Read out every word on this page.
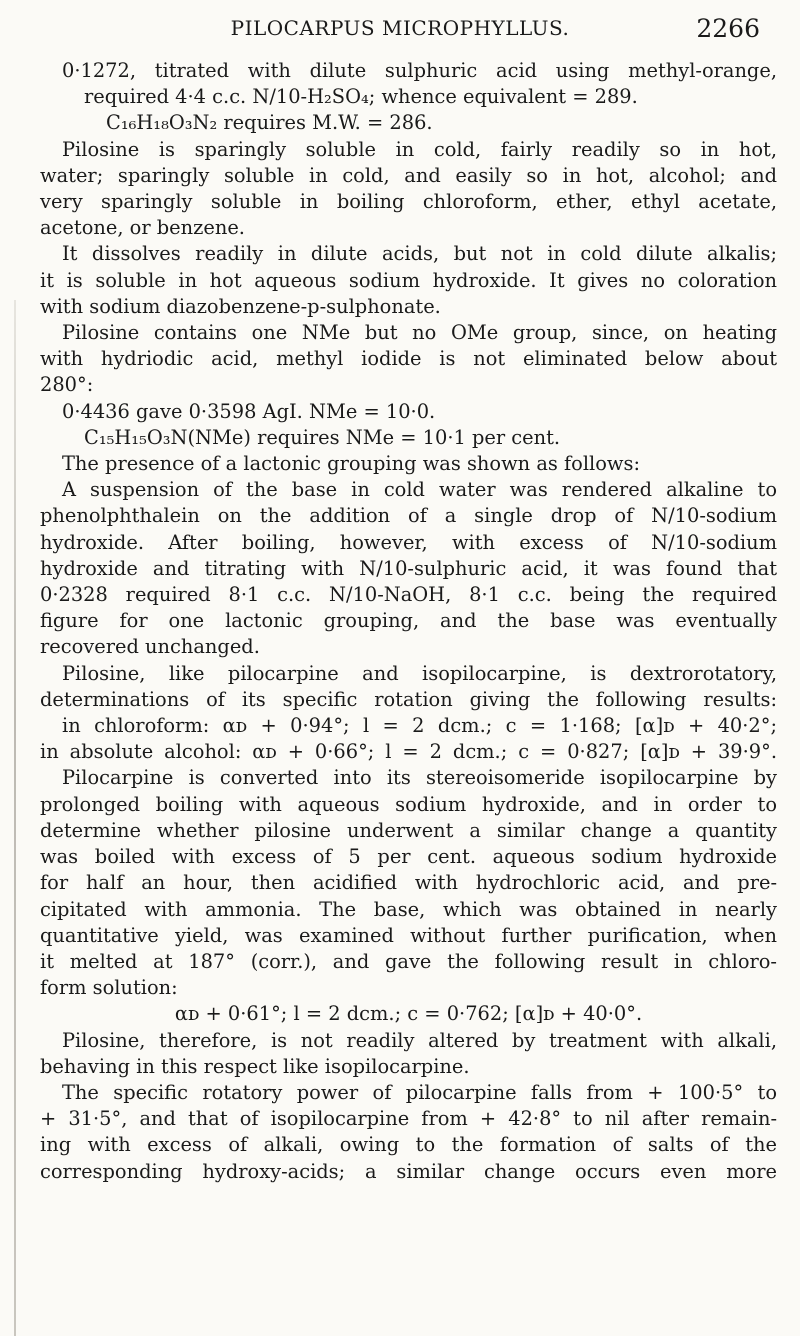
PILOCARPUS MICROPHYLLUS.	2266
0·1272, titrated with dilute sulphuric acid using methyl-orange,
required 4·4 c.c. N/10-H₂SO₄; whence equivalent = 289.
C₁₆H₁₈O₃N₂ requires M.W. = 286.
Pilosine is sparingly soluble in cold, fairly readily so in hot,
water; sparingly soluble in cold, and easily so in hot, alcohol; and
very sparingly soluble in boiling chloroform, ether, ethyl acetate,
acetone, or benzene.
It dissolves readily in dilute acids, but not in cold dilute alkalis;
it is soluble in hot aqueous sodium hydroxide. It gives no coloration
with sodium diazobenzene-p-sulphonate.
Pilosine contains one NMe but no OMe group, since, on heating
with hydriodic acid, methyl iodide is not eliminated below about
280°:
0·4436 gave 0·3598 AgI. NMe = 10·0.
C₁₅H₁₅O₃N(NMe) requires NMe = 10·1 per cent.
The presence of a lactonic grouping was shown as follows:
A suspension of the base in cold water was rendered alkaline to
phenolphthalein on the addition of a single drop of N/10-sodium
hydroxide. After boiling, however, with excess of N/10-sodium
hydroxide and titrating with N/10-sulphuric acid, it was found that
0·2328 required 8·1 c.c. N/10-NaOH, 8·1 c.c. being the required
figure for one lactonic grouping, and the base was eventually
recovered unchanged.
Pilosine, like pilocarpine and isopilocarpine, is dextrorotatory,
determinations of its specific rotation giving the following results:
in chloroform: αᴅ + 0·94°; l = 2 dcm.; c = 1·168; [α]ᴅ + 40·2°;
in absolute alcohol: αᴅ + 0·66°; l = 2 dcm.; c = 0·827; [α]ᴅ + 39·9°.
Pilocarpine is converted into its stereoisomeride isopilocarpine by
prolonged boiling with aqueous sodium hydroxide, and in order to
determine whether pilosine underwent a similar change a quantity
was boiled with excess of 5 per cent. aqueous sodium hydroxide
for half an hour, then acidified with hydrochloric acid, and pre-
cipitated with ammonia. The base, which was obtained in nearly
quantitative yield, was examined without further purification, when
it melted at 187° (corr.), and gave the following result in chloro-
form solution:
αᴅ + 0·61°; l = 2 dcm.; c = 0·762; [α]ᴅ + 40·0°.
Pilosine, therefore, is not readily altered by treatment with alkali,
behaving in this respect like isopilocarpine.
The specific rotatory power of pilocarpine falls from + 100·5° to
+ 31·5°, and that of isopilocarpine from + 42·8° to nil after remain-
ing with excess of alkali, owing to the formation of salts of the
corresponding hydroxy-acids; a similar change occurs even more
